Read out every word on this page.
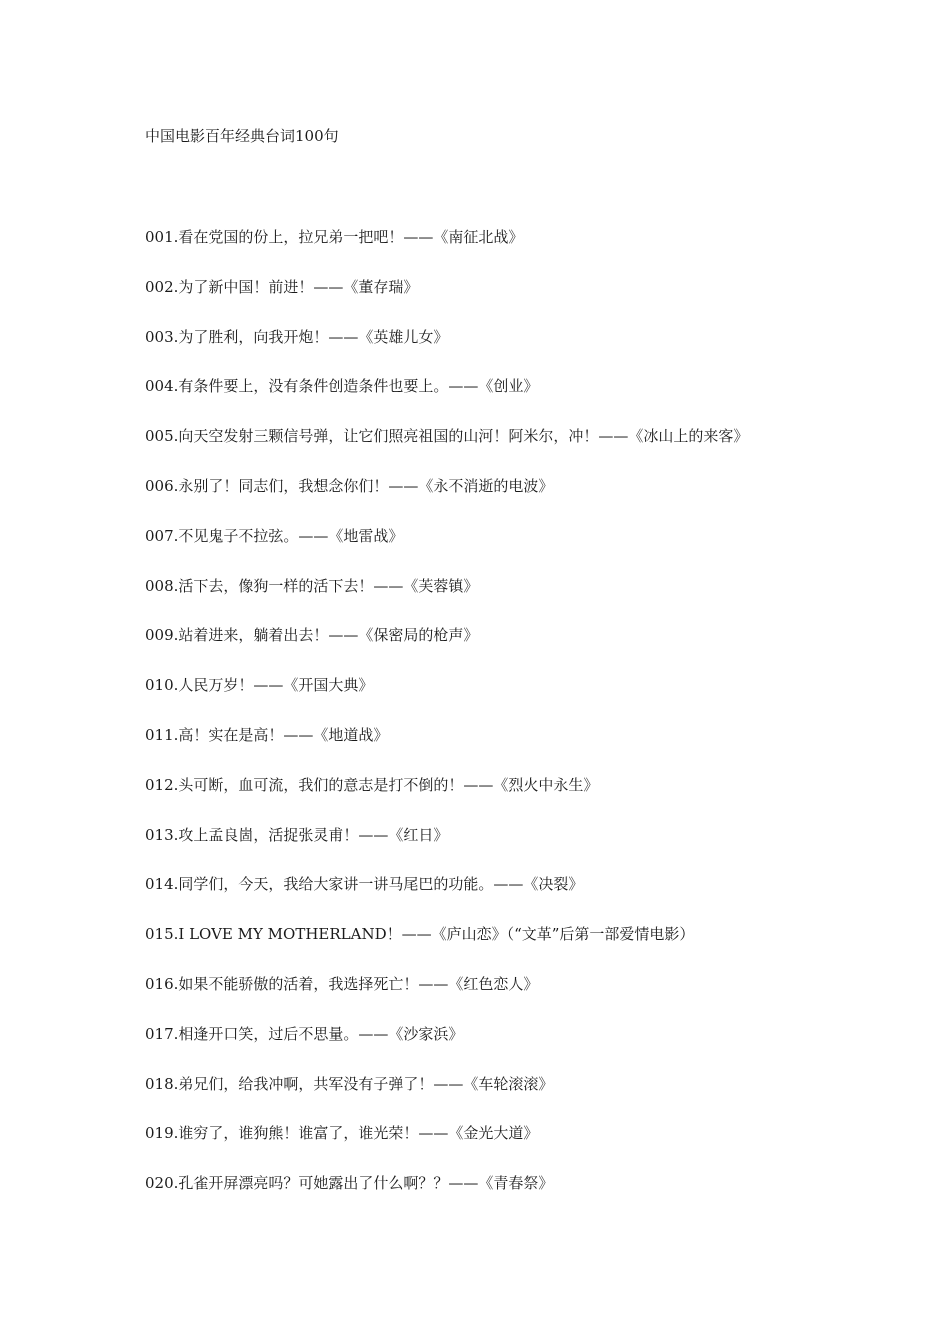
中国电影百年经典台词100句
001.看在党国的份上，拉兄弟一把吧！——《南征北战》
002.为了新中国！前进！——《董存瑞》
003.为了胜利，向我开炮！——《英雄儿女》
004.有条件要上，没有条件创造条件也要上。——《创业》
005.向天空发射三颗信号弹，让它们照亮祖国的山河！阿米尔，冲！——《冰山上的来客》
006.永别了！同志们，我想念你们！——《永不消逝的电波》
007.不见鬼子不拉弦。——《地雷战》
008.活下去，像狗一样的活下去！——《芙蓉镇》
009.站着进来，躺着出去！——《保密局的枪声》
010.人民万岁！——《开国大典》
011.高！实在是高！——《地道战》
012.头可断，血可流，我们的意志是打不倒的！——《烈火中永生》
013.攻上孟良崮，活捉张灵甫！——《红日》
014.同学们，今天，我给大家讲一讲马尾巴的功能。——《决裂》
015.I LOVE MY MOTHERLAND！——《庐山恋》（“文革”后第一部爱情电影）
016.如果不能骄傲的活着，我选择死亡！——《红色恋人》
017.相逢开口笑，过后不思量。——《沙家浜》
018.弟兄们，给我冲啊，共军没有子弹了！——《车轮滚滚》
019.谁穷了，谁狗熊！谁富了，谁光荣！——《金光大道》
020.孔雀开屏漂亮吗？可她露出了什么啊？？——《青春祭》
